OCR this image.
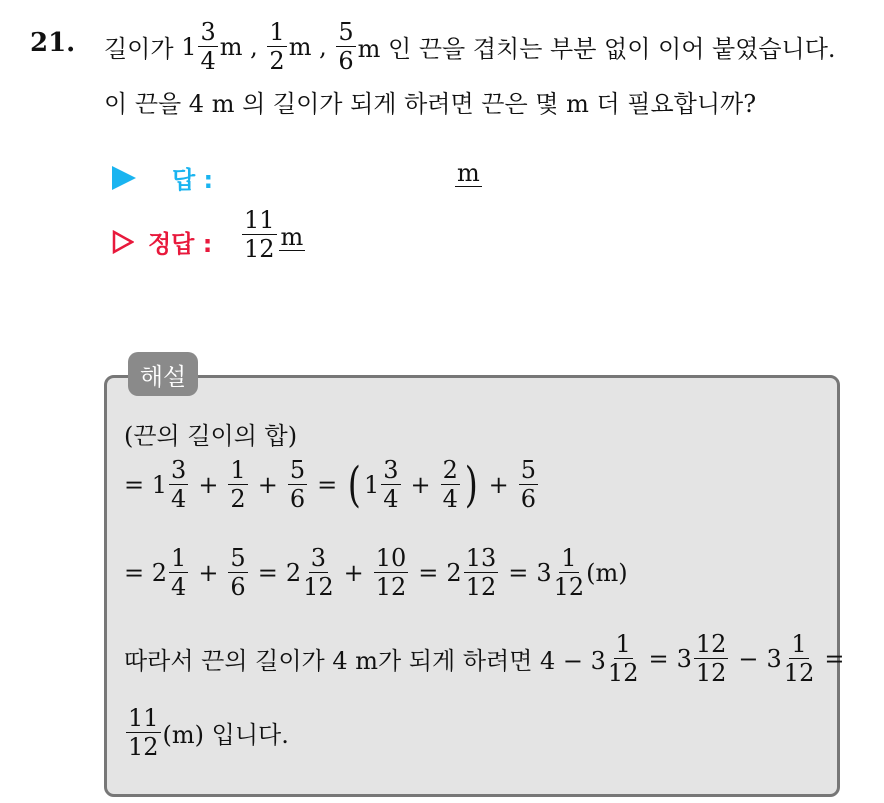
21. 길이가
$1 \frac{3}{4}$ m ,
$\frac{1}{2}$ m ,
$\frac{5}{6}$ m 인 끈을 겹치는 부분 없이 이어 붙였습니다.
이 끈을 4 m 의 길이가 되게 하려면 끈은 몇 m 더 필요합니까?
답 :	m
정답 : $\frac{11}{12}$ m
해설
(끈의 길이의 합)
=
$1 \frac{3}{4} + \frac{1}{2} + \frac{5}{6}$ = ( $1 \frac{3}{4} + \frac{2}{4}$ ) + $\frac{5}{6}$
=
$2 \frac{1}{4} + \frac{5}{6} = 2 \frac{3}{12} + \frac{10}{12} = 2 \frac{13}{12} = 3 \frac{1}{12} (m)$
따라서 끈의 길이가 4 m가 되게 하려면 $4 - 3 \frac{1}{12} = 3 \frac{12}{12} - 3 \frac{1}{12}$ =
$\frac{11}{12} (m)$ 입니다.
